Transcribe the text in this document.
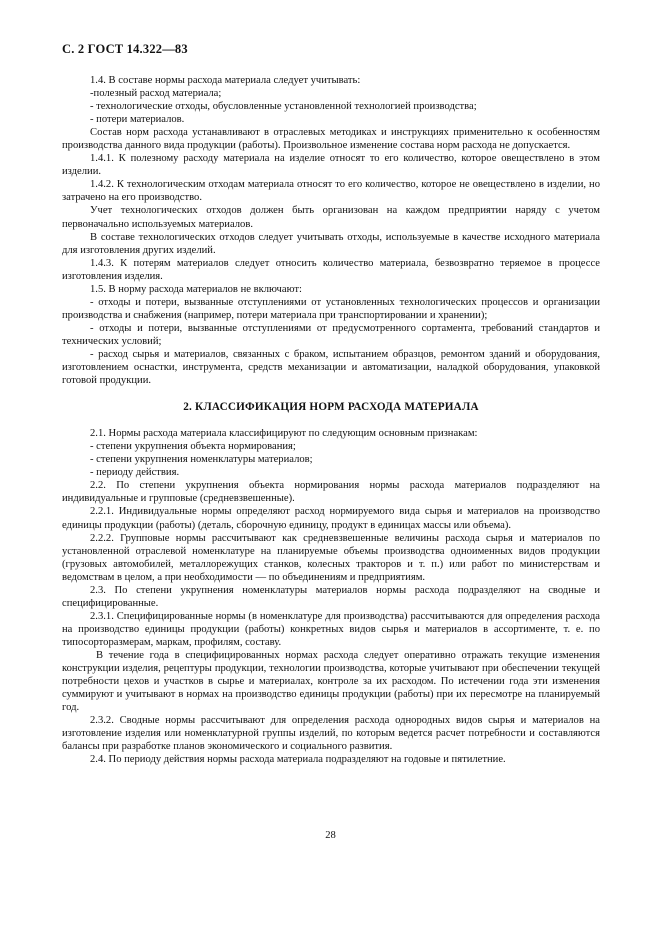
С. 2 ГОСТ 14.322—83

1.4. В составе нормы расхода материала следует учитывать:

-полезный расход материала;

- технологические отходы, обусловленные установленной технологией производства;

- потери материалов.

Состав норм расхода устанавливают в отраслевых методиках и инструкциях применительно к особенностям производства данного вида продукции (работы). Произвольное изменение состава норм расхода не допускается.

1.4.1. К полезному расходу материала на изделие относят то его количество, которое овеществлено в этом изделии.

1.4.2. К технологическим отходам материала относят то его количество, которое не овеществлено в изделии, но затрачено на его производство.

Учет технологических отходов должен быть организован на каждом предприятии наряду с учетом первоначально используемых материалов.

В составе технологических отходов следует учитывать отходы, используемые в качестве исходного материала для изготовления других изделий.

1.4.3. К потерям материалов следует относить количество материала, безвозвратно теряемое в процессе изготовления изделия.

1.5. В норму расхода материалов не включают:

- отходы и потери, вызванные отступлениями от установленных технологических процессов и организации производства и снабжения (например, потери материала при транспортировании и хранении);

- отходы и потери, вызванные отступлениями от предусмотренного сортамента, требований стандартов и технических условий;

- расход сырья и материалов, связанных с браком, испытанием образцов, ремонтом зданий и оборудования, изготовлением оснастки, инструмента, средств механизации и автоматизации, наладкой оборудования, упаковкой готовой продукции.

2. КЛАССИФИКАЦИЯ НОРМ РАСХОДА МАТЕРИАЛА

2.1. Нормы расхода материала классифицируют по следующим основным признакам:

- степени укрупнения объекта нормирования;

- степени укрупнения номенклатуры материалов;

- периоду действия.

2.2. По степени укрупнения объекта нормирования нормы расхода материалов подразделяют на индивидуальные и групповые (средневзвешенные).

2.2.1. Индивидуальные нормы определяют расход нормируемого вида сырья и материалов на производство единицы продукции (работы) (деталь, сборочную единицу, продукт в единицах массы или объема).

2.2.2. Групповые нормы рассчитывают как средневзвешенные величины расхода сырья и материалов по установленной отраслевой номенклатуре на планируемые объемы производства одноименных видов продукции (грузовых автомобилей, металлорежущих станков, колесных тракторов и т. п.) или работ по министерствам и ведомствам в целом, а при необходимости — по объединениям и предприятиям.

2.3. По степени укрупнения номенклатуры материалов нормы расхода подразделяют на сводные и специфицированные.

2.3.1. Специфицированные нормы (в номенклатуре для производства) рассчитываются для определения расхода на производство единицы продукции (работы) конкретных видов сырья и материалов в ассортименте, т. е. по типосорторазмерам, маркам, профилям, составу.

В течение года в специфицированных нормах расхода следует оперативно отражать текущие изменения конструкции изделия, рецептуры продукции, технологии производства, которые учитывают при обеспечении текущей потребности цехов и участков в сырье и материалах, контроле за их расходом. По истечении года эти изменения суммируют и учитывают в нормах на производство единицы продукции (работы) при их пересмотре на планируемый год.

2.3.2. Сводные нормы рассчитывают для определения расхода однородных видов сырья и материалов на изготовление изделия или номенклатурной группы изделий, по которым ведется расчет потребности и составляются балансы при разработке планов экономического и социального развития.

2.4. По периоду действия нормы расхода материала подразделяют на годовые и пятилетние.

28
